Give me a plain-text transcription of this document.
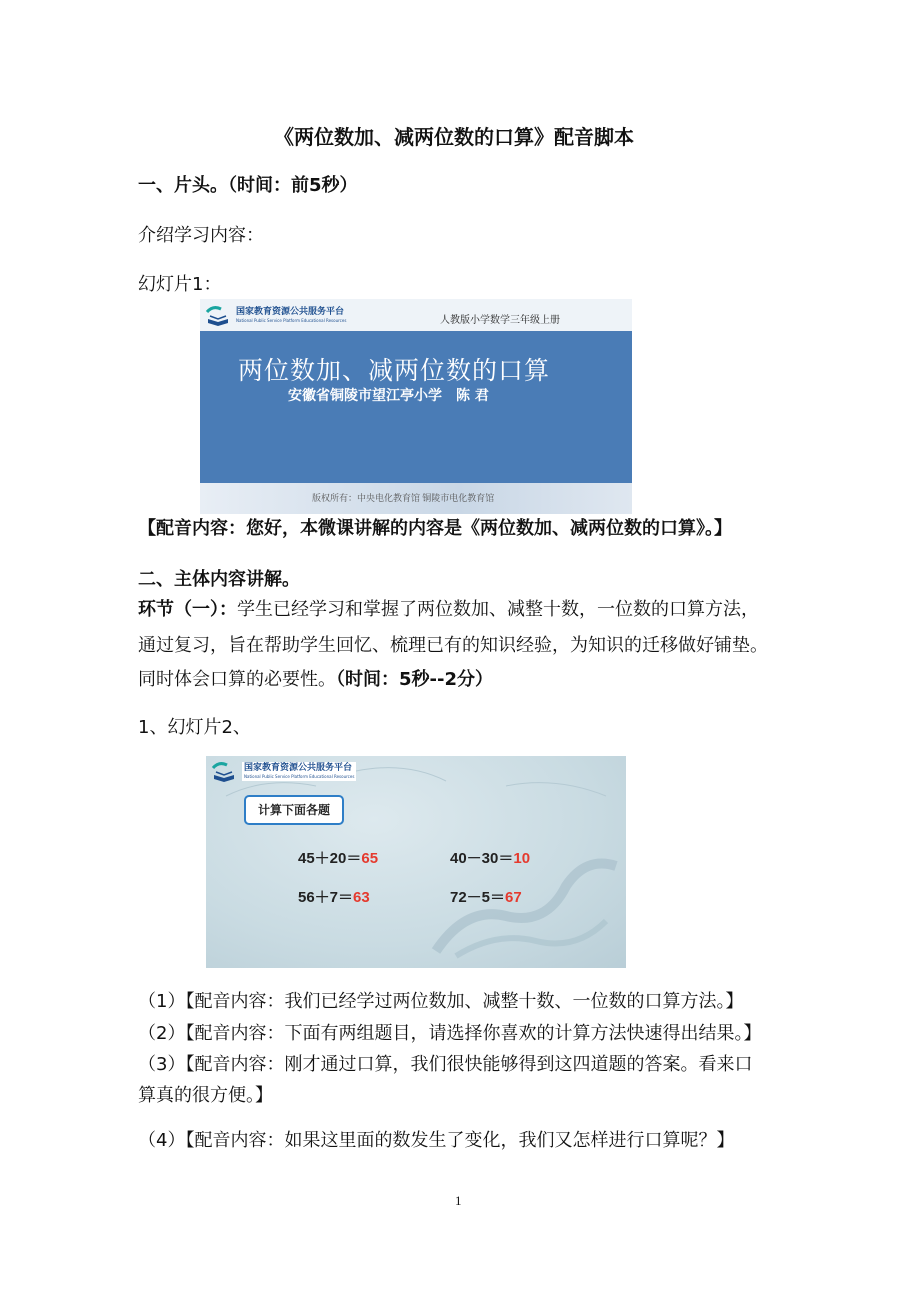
《两位数加、减两位数的口算》配音脚本
一、片头。（时间：前5秒）
介绍学习内容：
幻灯片1：
国家教育资源公共服务平台
National Public Service Platform Educational Resources	人教版小学数学三年级上册
两位数加、减两位数的口算
安徽省铜陵市望江亭小学　陈 君
版权所有：中央电化教育馆 铜陵市电化教育馆
【配音内容：您好，本微课讲解的内容是《两位数加、减两位数的口算》。】
二、主体内容讲解。
环节（一）：学生已经学习和掌握了两位数加、减整十数，一位数的口算方法，
通过复习，旨在帮助学生回忆、梳理已有的知识经验，为知识的迁移做好铺垫。
同时体会口算的必要性。（时间：5秒--2分）
1、幻灯片2、
国家教育资源公共服务平台
National Public Service Platform Educational Resources
计算下面各题
45＋20＝65	40－30＝10
56＋7＝63	72－5＝67
（1）【配音内容：我们已经学过两位数加、减整十数、一位数的口算方法。】
（2）【配音内容：下面有两组题目，请选择你喜欢的计算方法快速得出结果。】
（3）【配音内容：刚才通过口算，我们很快能够得到这四道题的答案。看来口
算真的很方便。】
（4）【配音内容：如果这里面的数发生了变化，我们又怎样进行口算呢？】
1
